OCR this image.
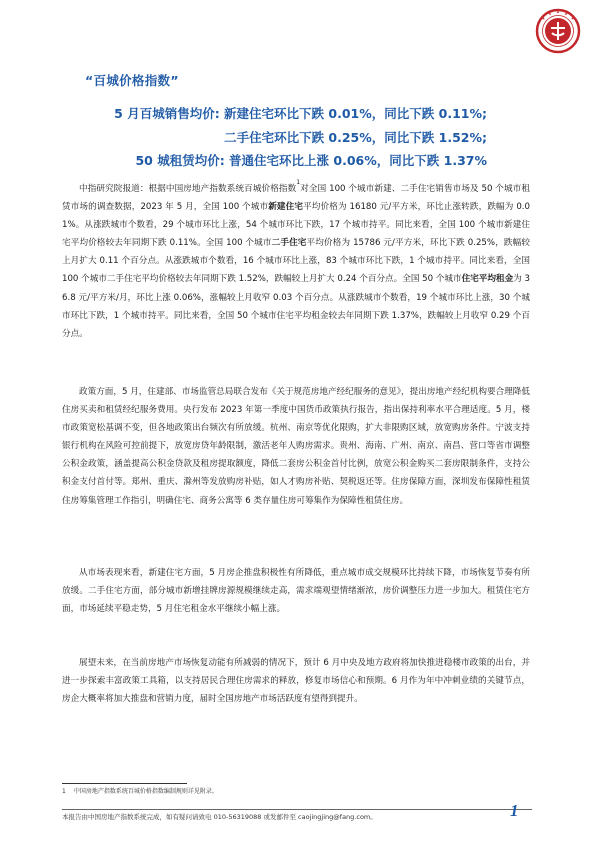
“百城价格指数”
5 月百城销售均价: 新建住宅环比下跌 0.01%，同比下跌 0.11%;
二手住宅环比下跌 0.25%，同比下跌 1.52%;
50 城租赁均价: 普通住宅环比上涨 0.06%，同比下跌 1.37%

中指研究院报道：根据中国房地产指数系统百城价格指数$^1$对全国 100 个城市新建、二手住宅销售市场及 50 个城市租赁市场的调查数据，2023 年 5 月，全国 100 个城市新建住宅平均价格为 16180 元/平方米，环比止涨转跌，跌幅为 0.01%。从涨跌城市个数看，29 个城市环比上涨，54 个城市环比下跌，17 个城市持平。同比来看，全国 100 个城市新建住宅平均价格较去年同期下跌 0.11%。全国 100 个城市二手住宅平均价格为 15786 元/平方米，环比下跌 0.25%，跌幅较上月扩大 0.11 个百分点。从涨跌城市个数看，16 个城市环比上涨，83 个城市环比下跌，1 个城市持平。同比来看，全国 100 个城市二手住宅平均价格较去年同期下跌 1.52%，跌幅较上月扩大 0.24 个百分点。全国 50 个城市住宅平均租金为 36.8 元/平方米/月，环比上涨 0.06%，涨幅较上月收窄 0.03 个百分点。从涨跌城市个数看，19 个城市环比上涨，30 个城市环比下跌，1 个城市持平。同比来看，全国 50 个城市住宅平均租金较去年同期下跌 1.37%，跌幅较上月收窄 0.29 个百分点。

政策方面，5 月，住建部、市场监管总局联合发布《关于规范房地产经纪服务的意见》，提出房地产经纪机构要合理降低住房买卖和租赁经纪服务费用。央行发布 2023 年第一季度中国货币政策执行报告，指出保持利率水平合理适度。5 月，楼市政策宽松基调不变，但各地政策出台频次有所放缓。杭州、南京等优化限购，扩大非限购区域，放宽购房条件。宁波支持银行机构在风险可控前提下，放宽房贷年龄限制，激活老年人购房需求。贵州、海南、广州、南京、南昌、营口等省市调整公积金政策，涵盖提高公积金贷款及租房提取额度，降低二套房公积金首付比例，放宽公积金购买二套房限制条件，支持公积金支付首付等。郑州、重庆、滁州等发放购房补贴，如人才购房补贴、契税返还等。住房保障方面，深圳发布保障性租赁住房筹集管理工作指引，明确住宅、商务公寓等 6 类存量住房可筹集作为保障性租赁住房。

从市场表现来看，新建住宅方面，5 月房企推盘积极性有所降低，重点城市成交规模环比持续下降，市场恢复节奏有所放缓。二手住宅方面，部分城市新增挂牌房源规模继续走高，需求端观望情绪渐浓，房价调整压力进一步加大。租赁住宅方面，市场延续平稳走势，5 月住宅租金水平继续小幅上涨。

展望未来，在当前房地产市场恢复动能有所减弱的情况下，预计 6 月中央及地方政府将加快推进稳楼市政策的出台，并进一步探索丰富政策工具箱，以支持居民合理住房需求的释放，修复市场信心和预期。6 月作为年中冲刺业绩的关键节点，房企大概率将加大推盘和营销力度，届时全国房地产市场活跃度有望得到提升。

1 中国房地产指数系统百城价格指数编制规则详见附录。
本报告由中国房地产指数系统完成，如有疑问请致电 010-56319088 或发邮件至 caojingjing@fang.com。	1
